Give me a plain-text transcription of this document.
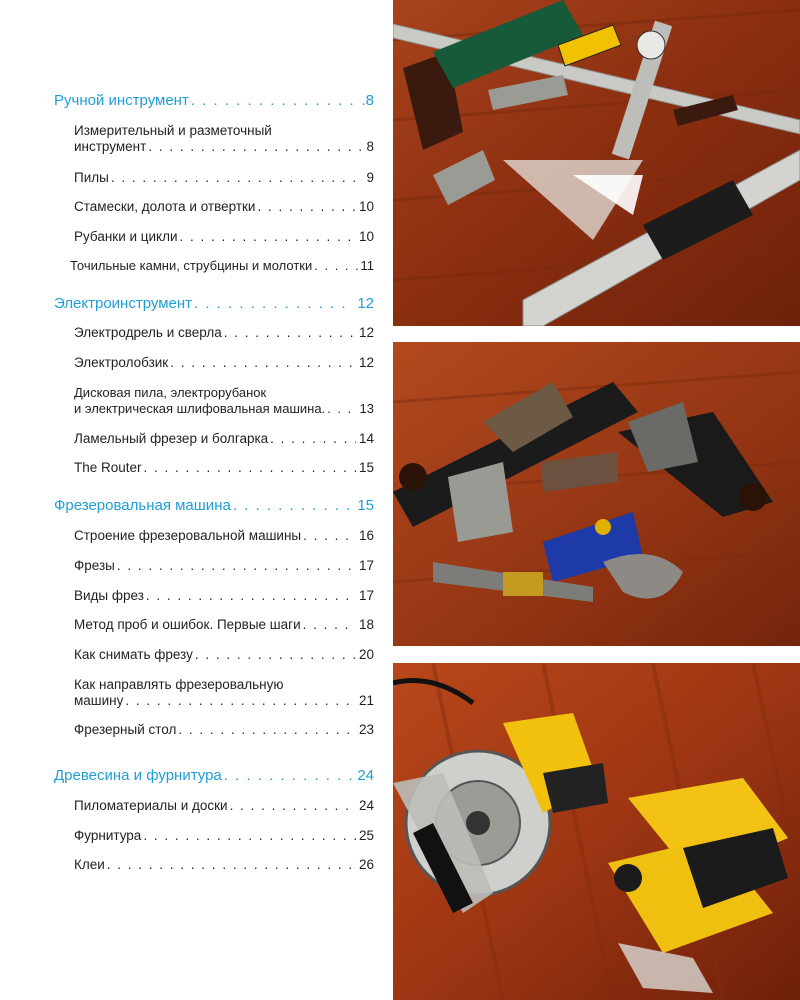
Ручной инструмент . . .	.8
Измерительный и разметочный
инструмент . . .	8
Пилы . . .	9
Стамески, долота и отвертки . . .	10
Рубанки и цикли . . .	10
Точильные камни, струбцины и молотки . . .	11
Электроинструмент . . .	12
Электродрель и сверла . . .	12
Электролобзик . . .	12
Дисковая пила, электрорубанок
и электрическая шлифовальная машина. . . .	13
Ламельный фрезер и болгарка . . .	14
The Router . . .	15
Фрезеровальная машина . . .	15
Строение фрезеровальной машины . . .	16
Фрезы . . .	17
Виды фрез . . .	17
Метод проб и ошибок. Первые шаги . . .	18
Как снимать фрезу . . .	20
Как направлять фрезеровальную
машину . . .	21
Фрезерный стол . . .	23
Древесина и фурнитура . . .	24
Пиломатериалы и доски . . .	24
Фурнитура . . .	25
Клеи . . .	26
